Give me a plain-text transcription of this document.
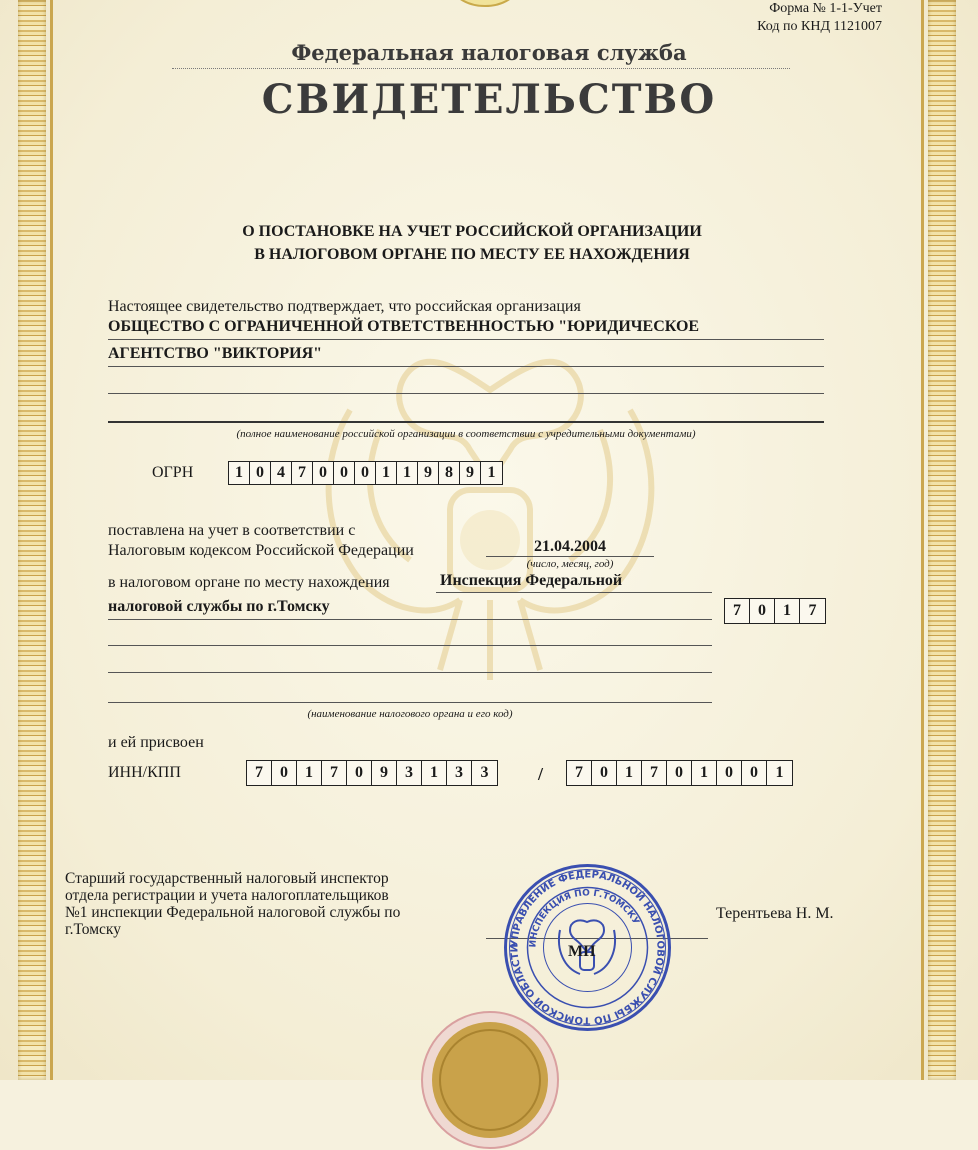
Форма № 1-1-Учет
Код по КНД 1121007
Федеральная налоговая служба
СВИДЕТЕЛЬСТВО
О ПОСТАНОВКЕ НА УЧЕТ РОССИЙСКОЙ ОРГАНИЗАЦИИ
В НАЛОГОВОМ ОРГАНЕ ПО МЕСТУ ЕЕ НАХОЖДЕНИЯ
Настоящее свидетельство подтверждает, что российская организация
ОБЩЕСТВО С ОГРАНИЧЕННОЙ ОТВЕТСТВЕННОСТЬЮ "ЮРИДИЧЕСКОЕ
АГЕНТСТВО "ВИКТОРИЯ"
(полное наименование российской организации в соответствии с учредительными документами)
ОГРН	1 0 4 7 0 0 0 1 1 9 8 9 1
поставлена на учет в соответствии с
Налоговым кодексом Российской Федерации	21.04.2004
(число, месяц, год)
в налоговом органе по месту нахождения	Инспекция Федеральной
налоговой службы по г.Томску	7	0	1	7
(наименование налогового органа и его код)
и ей присвоен
ИНН/КПП	7	0	1	7	0	9	3	1	3	3	/	7	0	1	7	0	1	0	0	1
Старший государственный налоговый инспектор
отдела регистрации и учета налогоплательщиков
№1 инспекции Федеральной налоговой службы по
г.Томску
Терентьева Н. М.
УПРАВЛЕНИЕ ФЕДЕРАЛЬНОЙ НАЛОГОВОЙ СЛУЖБЫ ПО ТОМСКОЙ ОБЛАСТИ
ИНСПЕКЦИЯ ПО Г.ТОМСКУ
МП
